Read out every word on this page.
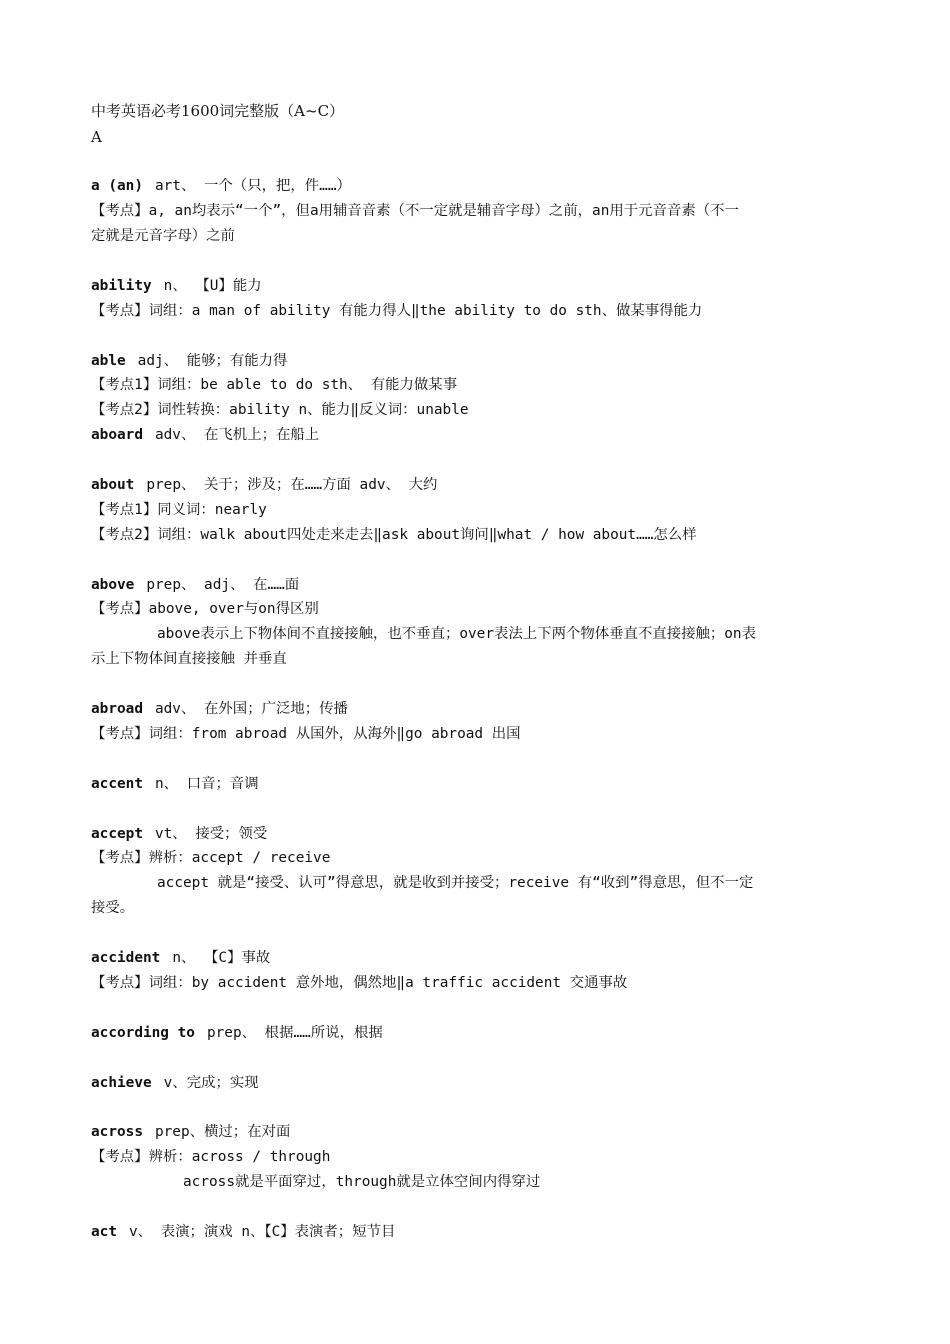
中考英语必考1600词完整版（A~C）
A
a (an) art、 一个（只，把，件……）
【考点】a, an均表示“一个”，但a用辅音音素（不一定就是辅音字母）之前，an用于元音音素（不一
定就是元音字母）之前
ability n、 【U】能力
【考点】词组：a man of ability 有能力得人‖the ability to do sth、做某事得能力
able adj、 能够；有能力得
【考点1】词组：be able to do sth、 有能力做某事
【考点2】词性转换：ability n、能力‖反义词：unable
aboard adv、 在飞机上；在船上
about prep、 关于；涉及；在……方面 adv、 大约
【考点1】同义词：nearly
【考点2】词组：walk about四处走来走去‖ask about询问‖what / how about……怎么样
above prep、 adj、 在……面
【考点】above, over与on得区别
above表示上下物体间不直接接触，也不垂直；over表法上下两个物体垂直不直接接触；on表
示上下物体间直接接触 并垂直
abroad adv、 在外国；广泛地；传播
【考点】词组：from abroad 从国外，从海外‖go abroad 出国
accent n、 口音；音调
accept vt、 接受；领受
【考点】辨析：accept / receive
accept 就是“接受、认可”得意思，就是收到并接受；receive 有“收到”得意思，但不一定
接受。
accident n、 【C】事故
【考点】词组：by accident 意外地，偶然地‖a traffic accident 交通事故
according to prep、 根据……所说，根据
achieve v、完成；实现
across prep、横过；在对面
【考点】辨析：across / through
across就是平面穿过，through就是立体空间内得穿过
act v、 表演；演戏 n、【C】表演者；短节目
